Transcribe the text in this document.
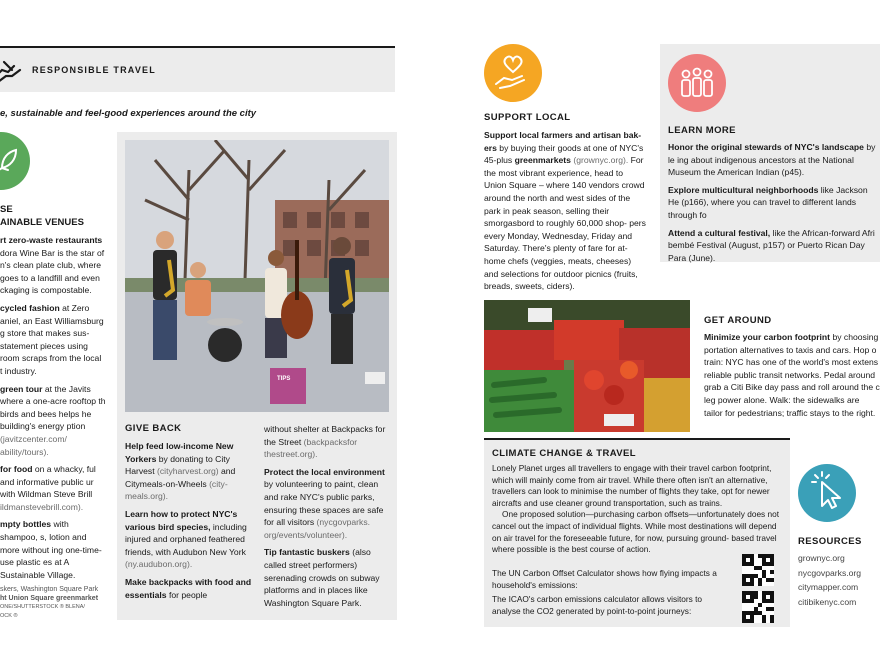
RESPONSIBLE TRAVEL
e, sustainable and feel-good experiences around the city
SE
AINABLE VENUES

rt zero-waste restaurants dora Wine Bar is the star of n's clean plate club, where goes to a landfill and even ckaging is compostable.

cycled fashion at Zero aniel, an East Williamsburg g store that makes sus- statement pieces using room scraps from the local t industry.

green tour at the Javits where a one-acre rooftop th birds and bees helps he building's energy ption (javitzcenter.com/ ability/tours).

for food on a whacky, ful and informative public ur with Wildman Steve Brill ildmanstevebrill.com).

mpty bottles with shampoo, s, lotion and more without ing one-time-use plastic es at A Sustainable Village.

skers, Washington Square Park
ht Union Square greenmarket
ONE/SHUTTERSTOCK ® BLENA/
OCK ®
TIPS
GIVE BACK

Help feed low-income New Yorkers by donating to City Harvest (cityharvest.org) and Citymeals-on-Wheels (city- meals.org).

Learn how to protect NYC's various bird species, including injured and orphaned feathered friends, with Audubon New York (ny.audubon.org).

Make backpacks with food and essentials for people

without shelter at Backpacks for the Street (backpacksfor thestreet.org).

Protect the local environment by volunteering to paint, clean and rake NYC's public parks, ensuring these spaces are safe for all visitors (nycgovparks. org/events/volunteer).

Tip fantastic buskers (also called street performers) serenading crowds on subway platforms and in places like Washington Square Park.

SUPPORT LOCAL
Support local farmers and artisan bak- ers by buying their goods at one of NYC's 45-plus greenmarkets (grownyc.org). For the most vibrant experience, head to Union Square – where 140 vendors crowd around the north and west sides of the park in peak season, selling their smorgasbord to roughly 60,000 shop- pers every Monday, Wednesday, Friday and Saturday. There's plenty of fare for at-home chefs (veggies, meats, cheeses) and selections for outdoor picnics (fruits, breads, sweets, ciders).
LEARN MORE

Honor the original stewards of NYC's landscape by le ing about indigenous ancestors at the National Museum the American Indian (p45).

Explore multicultural neighborhoods like Jackson He (p166), where you can travel to different lands through fo

Attend a cultural festival, like the African-forward Afri bembé Festival (August, p157) or Puerto Rican Day Para (June).

GET AROUND
Minimize your carbon footprint by choosing portation alternatives to taxis and cars. Hop o train: NYC has one of the world's most extens reliable public transit networks. Pedal around grab a Citi Bike day pass and roll around the c leg power alone. Walk: the sidewalks are tailor for pedestrians; traffic stays to the right.
CLIMATE CHANGE & TRAVEL

Lonely Planet urges all travellers to engage with their travel carbon footprint, which will mainly come from air travel. While there often isn't an alternative, travellers can look to minimise the number of flights they take, opt for newer aircrafts and use cleaner ground transportation, such as trains.

One proposed solution—purchasing carbon offsets—unfortunately does not cancel out the impact of individual flights. While most destinations will depend on air travel for the foreseeable future, for now, pursuing ground- based travel where possible is the best course of action.

The UN Carbon Offset Calculator shows how flying impacts a household's emissions:

The ICAO's carbon emissions calculator allows visitors to analyse the CO2 generated by point-to-point journeys:

RESOURCES
grownyc.org
nycgovparks.org
citymapper.com
citibikenyc.com
